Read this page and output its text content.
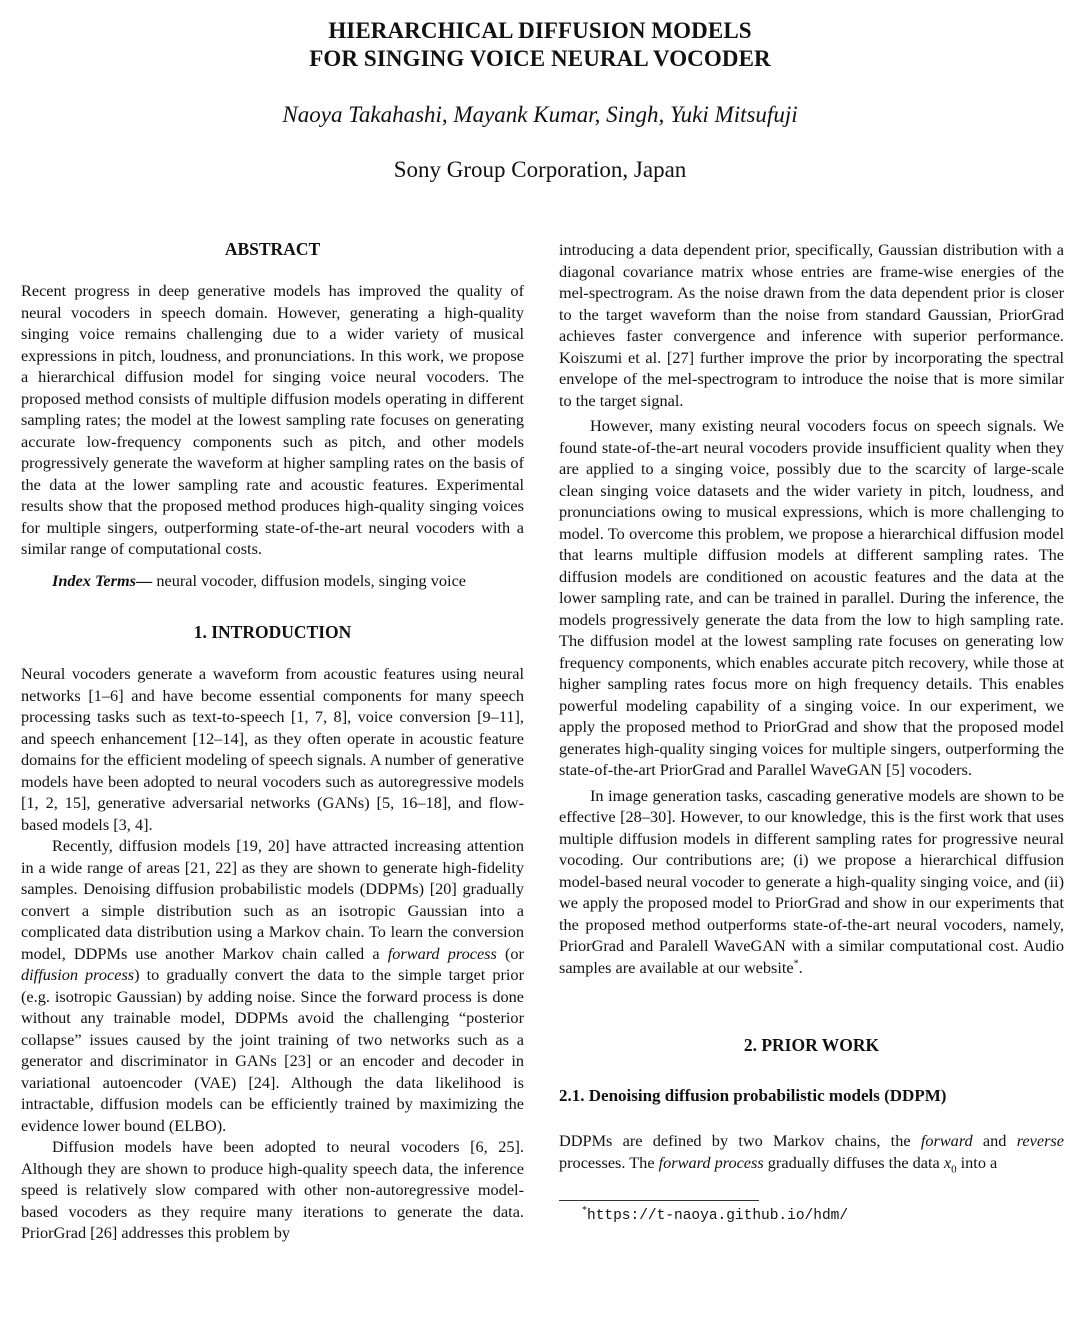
HIERARCHICAL DIFFUSION MODELS
FOR SINGING VOICE NEURAL VOCODER
Naoya Takahashi, Mayank Kumar, Singh, Yuki Mitsufuji
Sony Group Corporation, Japan
ABSTRACT

Recent progress in deep generative models has improved the quality of neural vocoders in speech domain. However, generating a high-quality singing voice remains challenging due to a wider variety of musical expressions in pitch, loudness, and pronunciations. In this work, we propose a hierarchical diffusion model for singing voice neural vocoders. The proposed method consists of multiple diffusion models operating in different sampling rates; the model at the lowest sampling rate focuses on generating accurate low-frequency components such as pitch, and other models progressively generate the waveform at higher sampling rates on the basis of the data at the lower sampling rate and acoustic features. Experimental results show that the proposed method produces high-quality singing voices for multiple singers, outperforming state-of-the-art neural vocoders with a similar range of computational costs.

Index Terms— neural vocoder, diffusion models, singing voice

1. INTRODUCTION

Neural vocoders generate a waveform from acoustic features using neural networks [1–6] and have become essential components for many speech processing tasks such as text-to-speech [1, 7, 8], voice conversion [9–11], and speech enhancement [12–14], as they often operate in acoustic feature domains for the efficient modeling of speech signals. A number of generative models have been adopted to neural vocoders such as autoregressive models [1, 2, 15], generative adversarial networks (GANs) [5, 16–18], and flow-based models [3, 4].

Recently, diffusion models [19, 20] have attracted increasing attention in a wide range of areas [21, 22] as they are shown to generate high-fidelity samples. Denoising diffusion probabilistic models (DDPMs) [20] gradually convert a simple distribution such as an isotropic Gaussian into a complicated data distribution using a Markov chain. To learn the conversion model, DDPMs use another Markov chain called a forward process (or diffusion process) to gradually convert the data to the simple target prior (e.g. isotropic Gaussian) by adding noise. Since the forward process is done without any trainable model, DDPMs avoid the challenging “posterior collapse” issues caused by the joint training of two networks such as a generator and discriminator in GANs [23] or an encoder and decoder in variational autoencoder (VAE) [24]. Although the data likelihood is intractable, diffusion models can be efficiently trained by maximizing the evidence lower bound (ELBO).

Diffusion models have been adopted to neural vocoders [6, 25]. Although they are shown to produce high-quality speech data, the inference speed is relatively slow compared with other non-autoregressive model-based vocoders as they require many iterations to generate the data. PriorGrad [26] addresses this problem by

introducing a data dependent prior, specifically, Gaussian distribution with a diagonal covariance matrix whose entries are frame-wise energies of the mel-spectrogram. As the noise drawn from the data dependent prior is closer to the target waveform than the noise from standard Gaussian, PriorGrad achieves faster convergence and inference with superior performance. Koiszumi et al. [27] further improve the prior by incorporating the spectral envelope of the mel-spectrogram to introduce the noise that is more similar to the target signal.

However, many existing neural vocoders focus on speech signals. We found state-of-the-art neural vocoders provide insufficient quality when they are applied to a singing voice, possibly due to the scarcity of large-scale clean singing voice datasets and the wider variety in pitch, loudness, and pronunciations owing to musical expressions, which is more challenging to model. To overcome this problem, we propose a hierarchical diffusion model that learns multiple diffusion models at different sampling rates. The diffusion models are conditioned on acoustic features and the data at the lower sampling rate, and can be trained in parallel. During the inference, the models progressively generate the data from the low to high sampling rate. The diffusion model at the lowest sampling rate focuses on generating low frequency components, which enables accurate pitch recovery, while those at higher sampling rates focus more on high frequency details. This enables powerful modeling capability of a singing voice. In our experiment, we apply the proposed method to PriorGrad and show that the proposed model generates high-quality singing voices for multiple singers, outperforming the state-of-the-art PriorGrad and Parallel WaveGAN [5] vocoders.

In image generation tasks, cascading generative models are shown to be effective [28–30]. However, to our knowledge, this is the first work that uses multiple diffusion models in different sampling rates for progressive neural vocoding. Our contributions are; (i) we propose a hierarchical diffusion model-based neural vocoder to generate a high-quality singing voice, and (ii) we apply the proposed model to PriorGrad and show in our experiments that the proposed method outperforms state-of-the-art neural vocoders, namely, PriorGrad and Paralell WaveGAN with a similar computational cost. Audio samples are available at our website*.

2. PRIOR WORK
2.1. Denoising diffusion probabilistic models (DDPM)

DDPMs are defined by two Markov chains, the forward and reverse processes. The forward process gradually diffuses the data $x_0$ into a

*https://t-naoya.github.io/hdm/
